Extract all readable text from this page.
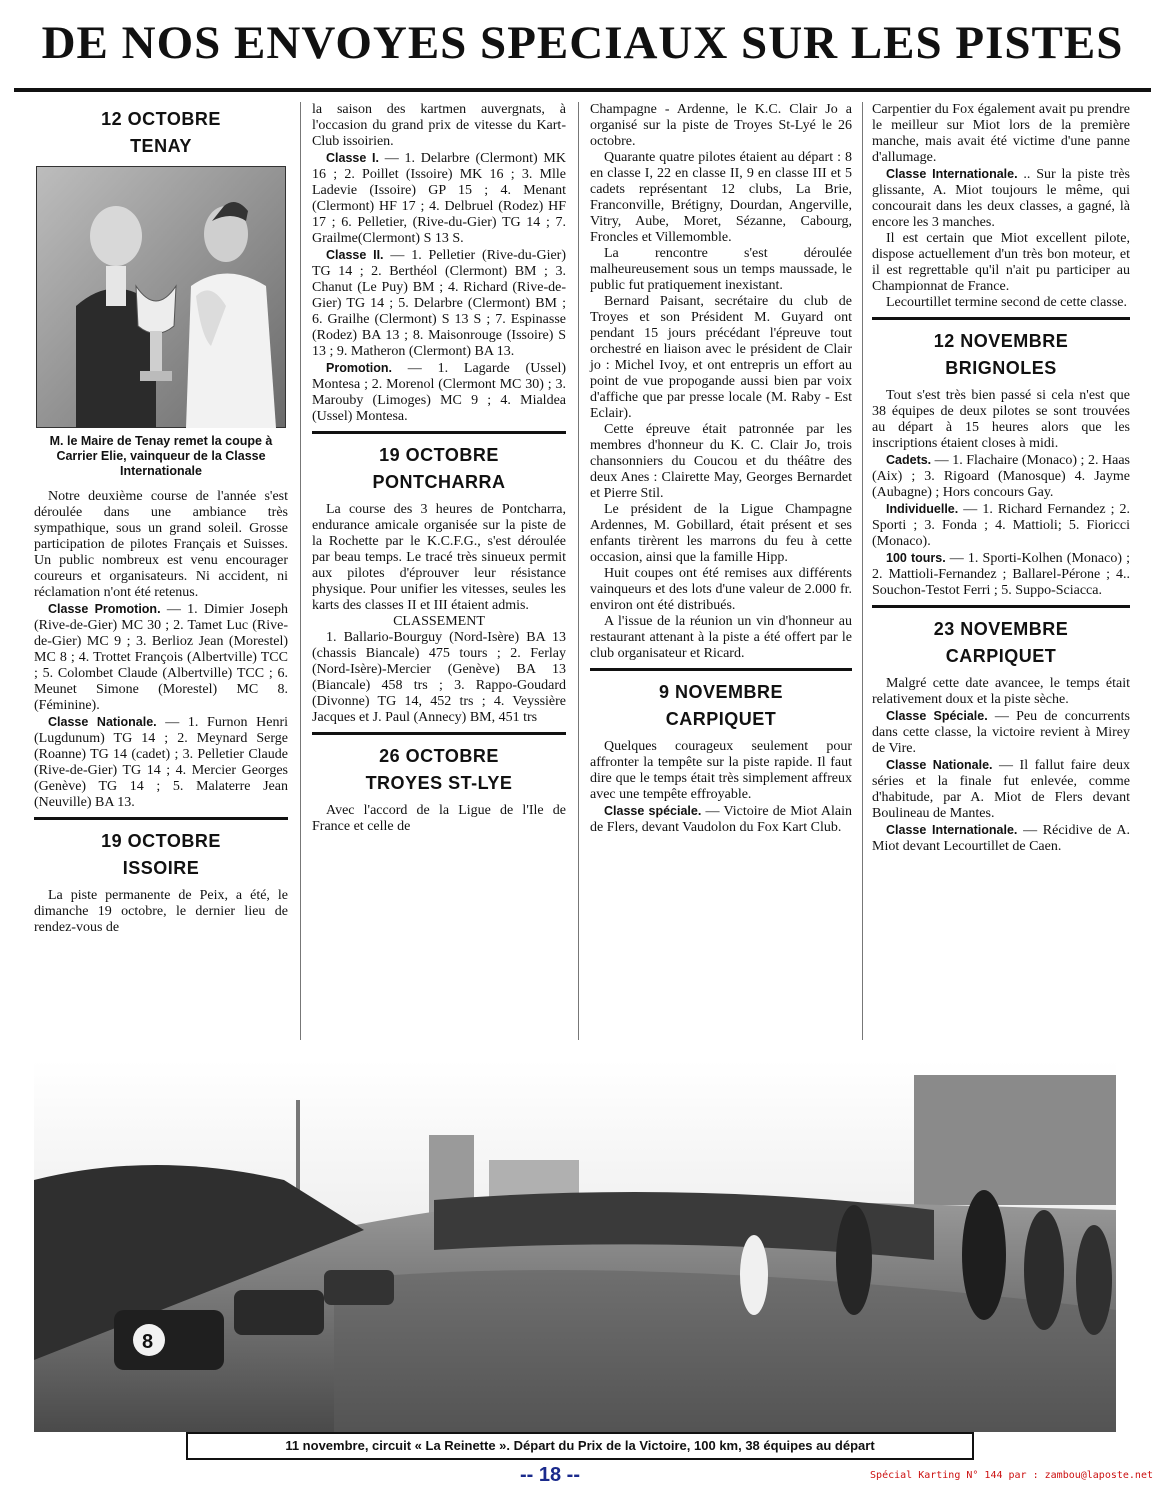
DE NOS ENVOYES SPECIAUX SUR LES PISTES
12 OCTOBRE
TENAY
M. le Maire de Tenay remet la coupe à Carrier Elie, vainqueur de la Classe Internationale

Notre deuxième course de l'année s'est déroulée dans une ambiance très sympathique, sous un grand soleil. Grosse participation de pilotes Français et Suisses. Un public nombreux est venu encourager coureurs et organisateurs. Ni accident, ni réclamation n'ont été retenus.

Classe Promotion. — 1. Dimier Joseph (Rive-de-Gier) MC 30 ; 2. Tamet Luc (Rive-de-Gier) MC 9 ; 3. Berlioz Jean (Morestel) MC 8 ; 4. Trottet François (Albertville) TCC ; 5. Colombet Claude (Albertville) TCC ; 6. Meunet Simone (Morestel) MC 8. (Féminine).

Classe Nationale. — 1. Furnon Henri (Lugdunum) TG 14 ; 2. Meynard Serge (Roanne) TG 14 (cadet) ; 3. Pelletier Claude (Rive-de-Gier) TG 14 ; 4. Mercier Georges (Genève) TG 14 ; 5. Malaterre Jean (Neuville) BA 13.

19 OCTOBRE
ISSOIRE

La piste permanente de Peix, a été, le dimanche 19 octobre, le dernier lieu de rendez-vous de

la saison des kartmen auvergnats, à l'occasion du grand prix de vitesse du Kart-Club issoirien.

Classe I. — 1. Delarbre (Clermont) MK 16 ; 2. Poillet (Issoire) MK 16 ; 3. Mlle Ladevie (Issoire) GP 15 ; 4. Menant (Clermont) HF 17 ; 4. Delbruel (Rodez) HF 17 ; 6. Pelletier, (Rive-du-Gier) TG 14 ; 7. Grailme(Clermont) S 13 S.

Classe II. — 1. Pelletier (Rive-du-Gier) TG 14 ; 2. Berthéol (Clermont) BM ; 3. Chanut (Le Puy) BM ; 4. Richard (Rive-de-Gier) TG 14 ; 5. Delarbre (Clermont) BM ; 6. Grailhe (Clermont) S 13 S ; 7. Espinasse (Rodez) BA 13 ; 8. Maisonrouge (Issoire) S 13 ; 9. Matheron (Clermont) BA 13.

Promotion. — 1. Lagarde (Ussel) Montesa ; 2. Morenol (Clermont MC 30) ; 3. Marouby (Limoges) MC 9 ; 4. Mialdea (Ussel) Montesa.

19 OCTOBRE
PONTCHARRA

La course des 3 heures de Pontcharra, endurance amicale organisée sur la piste de la Rochette par le K.C.F.G., s'est déroulée par beau temps. Le tracé très sinueux permit aux pilotes d'éprouver leur résistance physique. Pour unifier les vitesses, seules les karts des classes II et III étaient admis.

CLASSEMENT

1. Ballario-Bourguy (Nord-Isère) BA 13 (chassis Biancale) 475 tours ; 2. Ferlay (Nord-Isère)-Mercier (Genève) BA 13 (Biancale) 458 trs ; 3. Rappo-Goudard (Divonne) TG 14, 452 trs ; 4. Veyssière Jacques et J. Paul (Annecy) BM, 451 trs

26 OCTOBRE
TROYES ST-LYE

Avec l'accord de la Ligue de l'Ile de France et celle de

Champagne - Ardenne, le K.C. Clair Jo a organisé sur la piste de Troyes St-Lyé le 26 octobre.

Quarante quatre pilotes étaient au départ : 8 en classe I, 22 en classe II, 9 en classe III et 5 cadets représentant 12 clubs, La Brie, Franconville, Brétigny, Dourdan, Angerville, Vitry, Aube, Moret, Sézanne, Cabourg, Froncles et Villemomble.

La rencontre s'est déroulée malheureusement sous un temps maussade, le public fut pratiquement inexistant.

Bernard Paisant, secrétaire du club de Troyes et son Président M. Guyard ont pendant 15 jours précédant l'épreuve tout orchestré en liaison avec le président de Clair jo : Michel Ivoy, et ont entrepris un effort au point de vue propogande aussi bien par voix d'affiche que par presse locale (M. Raby - Est Eclair).

Cette épreuve était patronnée par les membres d'honneur du K. C. Clair Jo, trois chansonniers du Coucou et du théâtre des deux Anes : Clairette May, Georges Bernardet et Pierre Stil.

Le président de la Ligue Champagne Ardennes, M. Gobillard, était présent et ses enfants tirèrent les marrons du feu à cette occasion, ainsi que la famille Hipp.

Huit coupes ont été remises aux différents vainqueurs et des lots d'une valeur de 2.000 fr. environ ont été distribués.

A l'issue de la réunion un vin d'honneur au restaurant attenant à la piste a été offert par le club organisateur et Ricard.

9 NOVEMBRE
CARPIQUET

Quelques courageux seulement pour affronter la tempête sur la piste rapide. Il faut dire que le temps était très simplement affreux avec une tempête effroyable.

Classe spéciale. — Victoire de Miot Alain de Flers, devant Vaudolon du Fox Kart Club.

Carpentier du Fox également avait pu prendre le meilleur sur Miot lors de la première manche, mais avait été victime d'une panne d'allumage.

Classe Internationale. .. Sur la piste très glissante, A. Miot toujours le même, qui concourait dans les deux classes, a gagné, là encore les 3 manches.

Il est certain que Miot excellent pilote, dispose actuellement d'un très bon moteur, et il est regrettable qu'il n'ait pu participer au Championnat de France.

Lecourtillet termine second de cette classe.

12 NOVEMBRE
BRIGNOLES

Tout s'est très bien passé si cela n'est que 38 équipes de deux pilotes se sont trouvées au départ à 15 heures alors que les inscriptions étaient closes à midi.

Cadets. — 1. Flachaire (Monaco) ; 2. Haas (Aix) ; 3. Rigoard (Manosque) 4. Jayme (Aubagne) ; Hors concours Gay.

Individuelle. — 1. Richard Fernandez ; 2. Sporti ; 3. Fonda ; 4. Mattioli; 5. Fioricci (Monaco).

100 tours. — 1. Sporti-Kolhen (Monaco) ; 2. Mattioli-Fernandez ; Ballarel-Pérone ; 4.. Souchon-Testot Ferri ; 5. Suppo-Sciacca.

23 NOVEMBRE
CARPIQUET

Malgré cette date avancee, le temps était relativement doux et la piste sèche.

Classe Spéciale. — Peu de concurrents dans cette classe, la victoire revient à Mirey de Vire.

Classe Nationale. — Il fallut faire deux séries et la finale fut enlevée, comme d'habitude, par A. Miot de Flers devant Boulineau de Mantes.

Classe Internationale. — Récidive de A. Miot devant Lecourtillet de Caen.

8
11 novembre, circuit « La Reinette ». Départ du Prix de la Victoire, 100 km, 38 équipes au départ
-- 18 --	Spécial Karting N° 144 par : zambou@laposte.net
